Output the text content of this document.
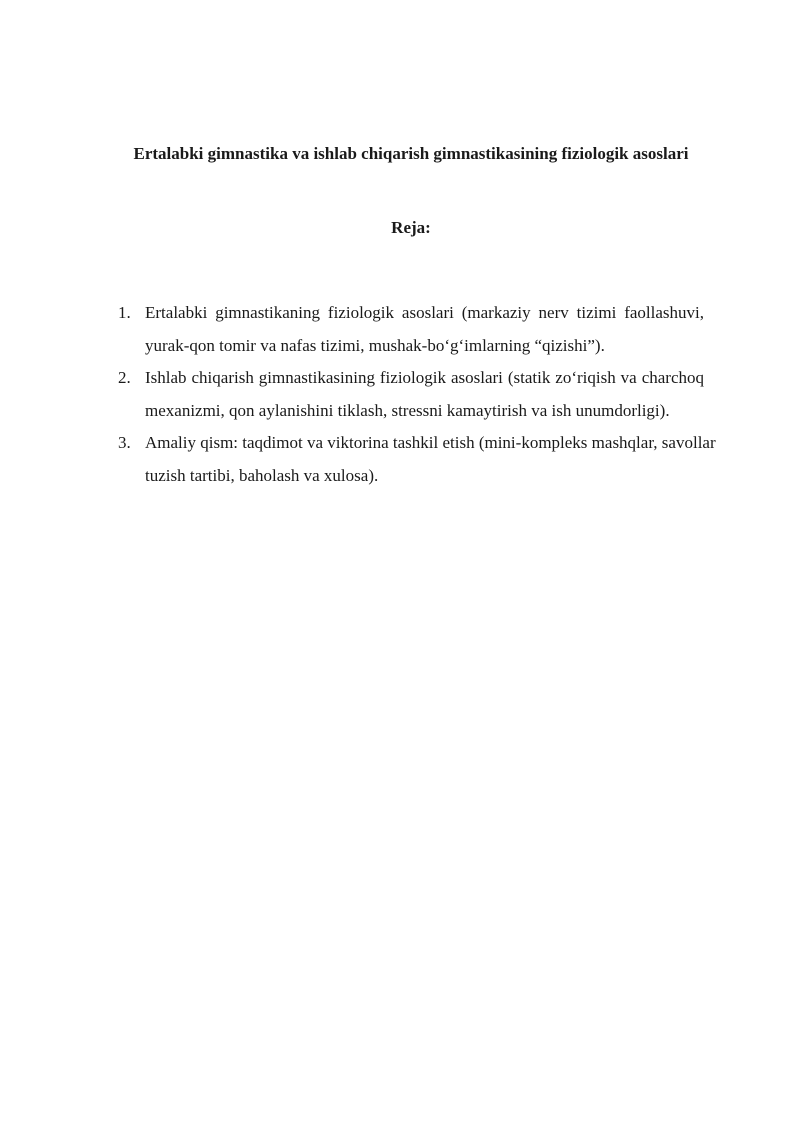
Ertalabki gimnastika va ishlab chiqarish gimnastikasining fiziologik asoslari
Reja:
1. Ertalabki gimnastikaning fiziologik asoslari (markaziy nerv tizimi faollashuvi, yurak-qon tomir va nafas tizimi, mushak-bo‘g‘imlarning “qizishi”).
2. Ishlab chiqarish gimnastikasining fiziologik asoslari (statik zo‘riqish va charchoq mexanizmi, qon aylanishini tiklash, stressni kamaytirish va ish unumdorligi).
3. Amaliy qism: taqdimot va viktorina tashkil etish (mini-kompleks mashqlar, savollar tuzish tartibi, baholash va xulosa).
